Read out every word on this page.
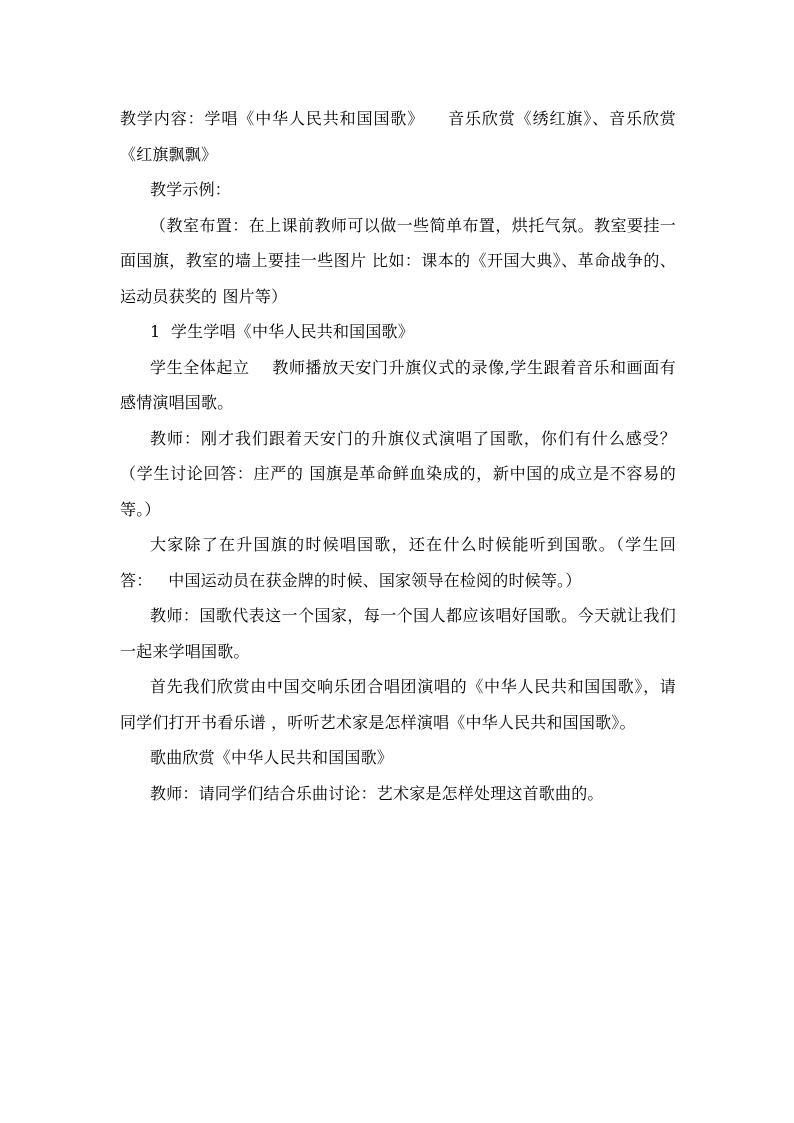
教学内容：学唱《中华人民共和国国歌》    音乐欣赏《绣红旗》、音乐欣赏《红旗飘飘》

教学示例：

（教室布置：在上课前教师可以做一些简单布置，烘托气氛。教室要挂一面国旗，教室的墙上要挂一些图片 比如：课本的《开国大典》、革命战争的、运动员获奖的 图片等）

1  学生学唱《中华人民共和国国歌》

学生全体起立    教师播放天安门升旗仪式的录像,学生跟着音乐和画面有感情演唱国歌。

教师：刚才我们跟着天安门的升旗仪式演唱了国歌，你们有什么感受？（学生讨论回答：庄严的 国旗是革命鲜血染成的，新中国的成立是不容易的等。）

大家除了在升国旗的时候唱国歌，还在什么时候能听到国歌。（学生回答：   中国运动员在获金牌的时候、国家领导在检阅的时候等。）

教师：国歌代表这一个国家，每一个国人都应该唱好国歌。今天就让我们一起来学唱国歌。

首先我们欣赏由中国交响乐团合唱团演唱的《中华人民共和国国歌》，请同学们打开书看乐谱 ，听听艺术家是怎样演唱《中华人民共和国国歌》。

歌曲欣赏《中华人民共和国国歌》

教师：请同学们结合乐曲讨论：艺术家是怎样处理这首歌曲的。
